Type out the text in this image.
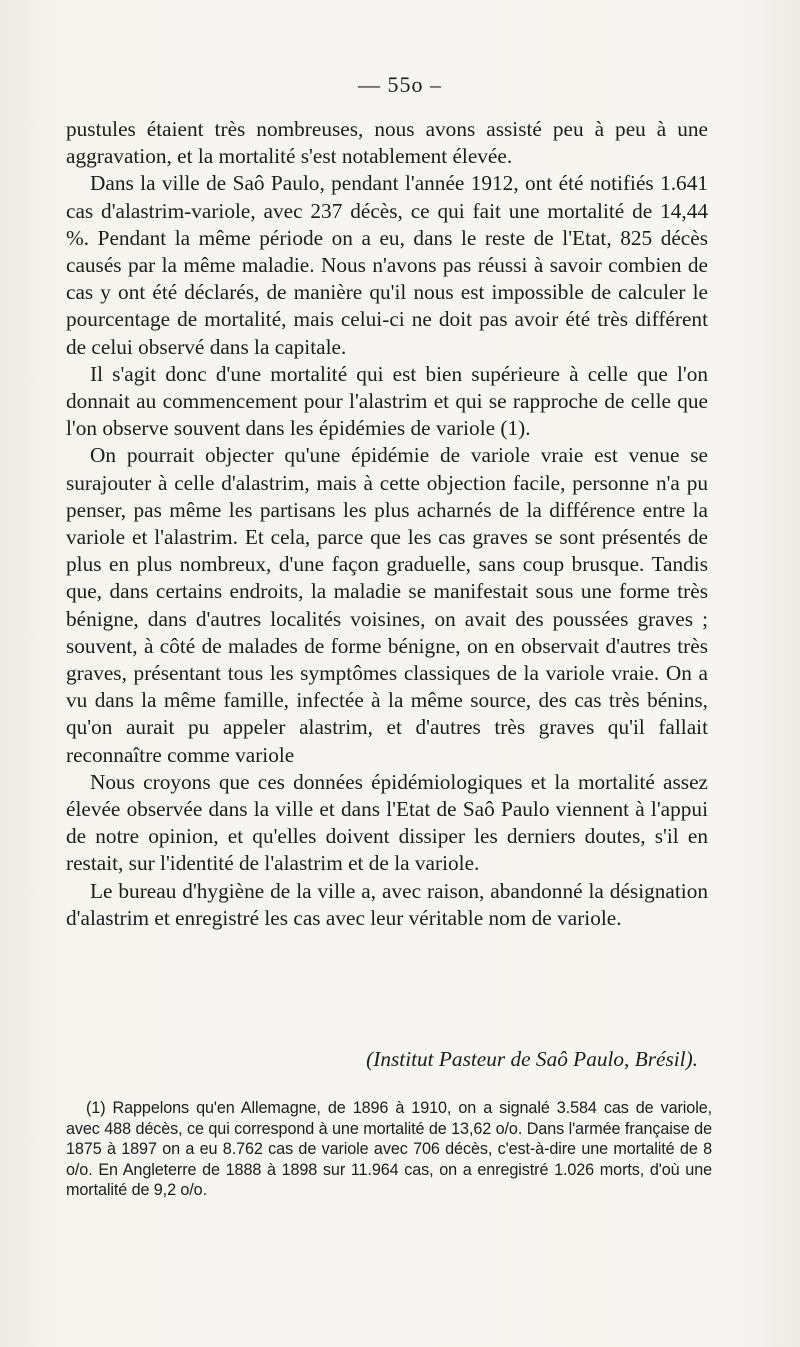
— 55o –

pustules étaient très nombreuses, nous avons assisté peu à peu à une aggravation, et la mortalité s'est notablement élevée.

Dans la ville de Saô Paulo, pendant l'année 1912, ont été notifiés 1.641 cas d'alastrim-variole, avec 237 décès, ce qui fait une mortalité de 14,44 %. Pendant la même période on a eu, dans le reste de l'Etat, 825 décès causés par la même maladie. Nous n'avons pas réussi à savoir combien de cas y ont été déclarés, de manière qu'il nous est impossible de calculer le pourcentage de mortalité, mais celui-ci ne doit pas avoir été très différent de celui observé dans la capitale.

Il s'agit donc d'une mortalité qui est bien supérieure à celle que l'on donnait au commencement pour l'alastrim et qui se rapproche de celle que l'on observe souvent dans les épidémies de variole (1).

On pourrait objecter qu'une épidémie de variole vraie est venue se surajouter à celle d'alastrim, mais à cette objection facile, personne n'a pu penser, pas même les partisans les plus acharnés de la différence entre la variole et l'alastrim. Et cela, parce que les cas graves se sont présentés de plus en plus nombreux, d'une façon graduelle, sans coup brusque. Tandis que, dans certains endroits, la maladie se manifestait sous une forme très bénigne, dans d'autres localités voisines, on avait des poussées graves ; souvent, à côté de malades de forme bénigne, on en observait d'autres très graves, présentant tous les symptômes classiques de la variole vraie. On a vu dans la même famille, infectée à la même source, des cas très bénins, qu'on aurait pu appeler alastrim, et d'autres très graves qu'il fallait reconnaître comme variole

Nous croyons que ces données épidémiologiques et la mortalité assez élevée observée dans la ville et dans l'Etat de Saô Paulo viennent à l'appui de notre opinion, et qu'elles doivent dissiper les derniers doutes, s'il en restait, sur l'identité de l'alastrim et de la variole.

Le bureau d'hygiène de la ville a, avec raison, abandonné la désignation d'alastrim et enregistré les cas avec leur véritable nom de variole.

(Institut Pasteur de Saô Paulo, Brésil).

(1) Rappelons qu'en Allemagne, de 1896 à 1910, on a signalé 3.584 cas de variole, avec 488 décès, ce qui correspond à une mortalité de 13,62 o/o. Dans l'armée française de 1875 à 1897 on a eu 8.762 cas de variole avec 706 décès, c'est-à-dire une mortalité de 8 o/o. En Angleterre de 1888 à 1898 sur 11.964 cas, on a enregistré 1.026 morts, d'où une mortalité de 9,2 o/o.
